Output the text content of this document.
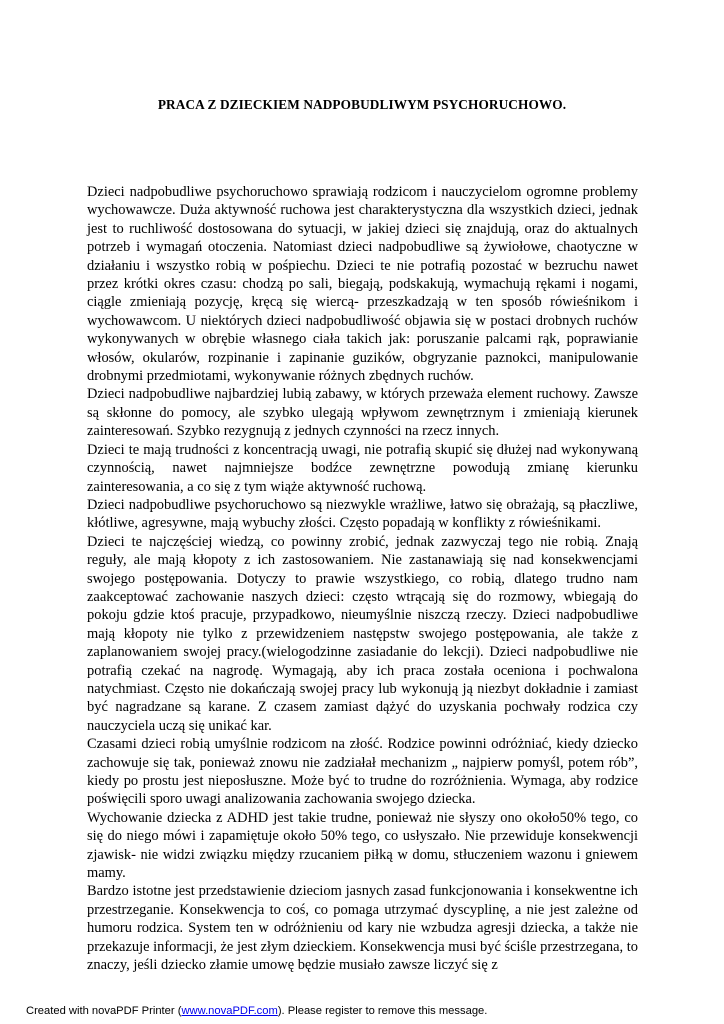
PRACA Z DZIECKIEM NADPOBUDLIWYM PSYCHORUCHOWO.

Dzieci nadpobudliwe psychoruchowo sprawiają rodzicom i nauczycielom ogromne problemy wychowawcze. Duża aktywność ruchowa jest charakterystyczna dla wszystkich dzieci, jednak jest to ruchliwość dostosowana do sytuacji, w jakiej dzieci się znajdują, oraz do aktualnych potrzeb i wymagań otoczenia. Natomiast dzieci nadpobudliwe są żywiołowe, chaotyczne w działaniu i wszystko robią w pośpiechu. Dzieci te nie potrafią pozostać w bezruchu nawet przez krótki okres czasu: chodzą po sali, biegają, podskakują, wymachują rękami i nogami, ciągle zmieniają pozycję, kręcą się wiercą- przeszkadzają w ten sposób rówieśnikom i wychowawcom. U niektórych dzieci nadpobudliwość objawia się w postaci drobnych ruchów wykonywanych w obrębie własnego ciała takich jak: poruszanie palcami rąk, poprawianie włosów, okularów, rozpinanie i zapinanie guzików, obgryzanie paznokci, manipulowanie drobnymi przedmiotami, wykonywanie różnych zbędnych ruchów.

Dzieci nadpobudliwe najbardziej lubią zabawy, w których przeważa element ruchowy. Zawsze są skłonne do pomocy, ale szybko ulegają wpływom zewnętrznym i zmieniają kierunek zainteresowań. Szybko rezygnują z jednych czynności na rzecz innych.

Dzieci te mają trudności z koncentracją uwagi, nie potrafią skupić się dłużej nad wykonywaną czynnością, nawet najmniejsze bodźce zewnętrzne powodują zmianę kierunku zainteresowania, a co się z tym wiąże aktywność ruchową.

Dzieci nadpobudliwe psychoruchowo są niezwykle wrażliwe, łatwo się obrażają, są płaczliwe, kłótliwe, agresywne, mają wybuchy złości. Często popadają w konflikty z rówieśnikami.

Dzieci te najczęściej wiedzą, co powinny zrobić, jednak zazwyczaj tego nie robią. Znają reguły, ale mają kłopoty z ich zastosowaniem. Nie zastanawiają się nad konsekwencjami swojego postępowania. Dotyczy to prawie wszystkiego, co robią, dlatego trudno nam zaakceptować zachowanie naszych dzieci: często wtrącają się do rozmowy, wbiegają do pokoju gdzie ktoś pracuje, przypadkowo, nieumyślnie niszczą rzeczy. Dzieci nadpobudliwe mają kłopoty nie tylko z przewidzeniem następstw swojego postępowania, ale także z zaplanowaniem swojej pracy.(wielogodzinne zasiadanie do lekcji). Dzieci nadpobudliwe nie potrafią czekać na nagrodę. Wymagają, aby ich praca została oceniona i pochwalona natychmiast. Często nie dokańczają swojej pracy lub wykonują ją niezbyt dokładnie i zamiast być nagradzane są karane. Z czasem zamiast dążyć do uzyskania pochwały rodzica czy nauczyciela uczą się unikać kar.

Czasami dzieci robią umyślnie rodzicom na złość. Rodzice powinni odróżniać, kiedy dziecko zachowuje się tak, ponieważ znowu nie zadziałał mechanizm „ najpierw pomyśl, potem rób”, kiedy po prostu jest nieposłuszne. Może być to trudne do rozróżnienia. Wymaga, aby rodzice poświęcili sporo uwagi analizowania zachowania swojego dziecka.

Wychowanie dziecka z ADHD jest takie trudne, ponieważ nie słyszy ono około50% tego, co się do niego mówi i zapamiętuje około 50% tego, co usłyszało. Nie przewiduje konsekwencji zjawisk- nie widzi związku między rzucaniem piłką w domu, stłuczeniem wazonu i gniewem mamy.

Bardzo istotne jest przedstawienie dzieciom jasnych zasad funkcjonowania i konsekwentne ich przestrzeganie. Konsekwencja to coś, co pomaga utrzymać dyscyplinę, a nie jest zależne od humoru rodzica. System ten w odróżnieniu od kary nie wzbudza agresji dziecka, a także nie przekazuje informacji, że jest złym dzieckiem. Konsekwencja musi być ściśle przestrzegana, to znaczy, jeśli dziecko złamie umowę będzie musiało zawsze liczyć się z

Created with novaPDF Printer (www.novaPDF.com). Please register to remove this message.
